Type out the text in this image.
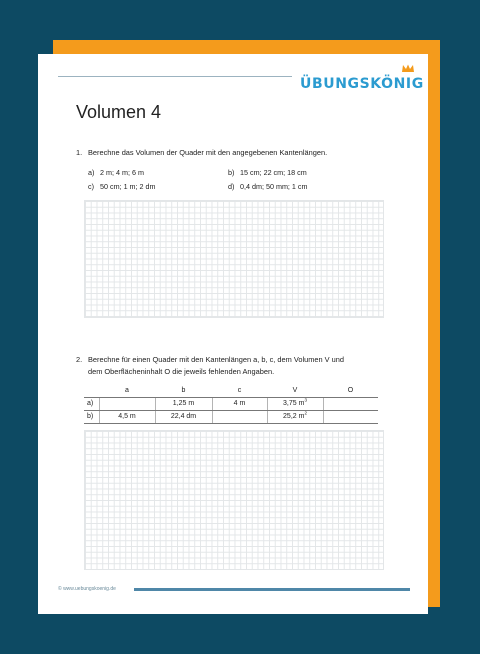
ÜBUNGSKÖNIG
Volumen 4
1. Berechne das Volumen der Quader mit den angegebenen Kantenlängen.
a) 2 m; 4 m; 6 m	b) 15 cm; 22 cm; 18 cm
c) 50 cm; 1 m; 2 dm	d) 0,4 dm; 50 mm; 1 cm
2. Berechne für einen Quader mit den Kantenlängen a, b, c, dem Volumen V und
dem Oberflächeninhalt O die jeweils fehlenden Angaben.
	a	b	c	V	O
a)		1,25 m	4 m	3,75 $m^3$	
b)	4,5 m	22,4 dm		25,2 $m^2$	
© www.uebungskoenig.de
